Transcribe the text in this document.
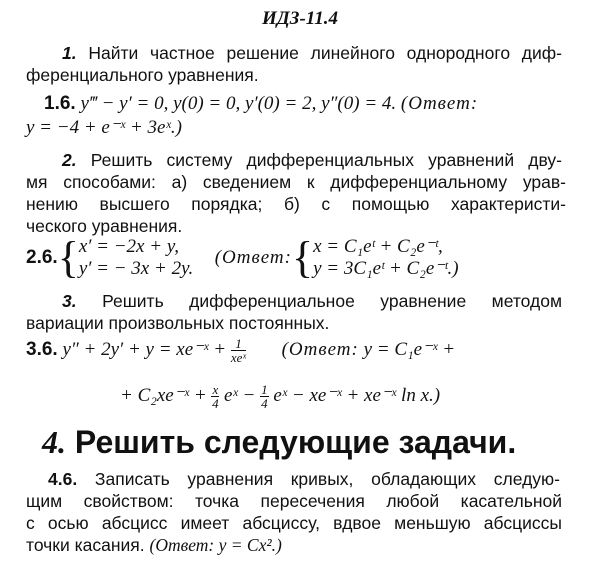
ИДЗ-11.4
1. Найти частное решение линейного однородного диф-
ференциального уравнения.
1.6. y‴ − y′ = 0, y(0) = 0, y′(0) = 2, y″(0) = 4. (Ответ:
y = −4 + e⁻ˣ + 3eˣ.)
2. Решить систему дифференциальных уравнений дву-
мя способами: а) сведением к дифференциальному урав-
нению высшего порядка; б) с помощью характеристи-
ческого уравнения.
2.6.{ x′ = −2x + y,
y′ = − 3x + 2y.
(Ответ:{ x = C₁eᵗ + C₂e⁻ᵗ,
y = 3C₁eᵗ + C₂e⁻ᵗ.)
3. Решить дифференциальное уравнение методом
вариации произвольных постоянных.
3.6. y″ + 2y′ + y = xe⁻ˣ + $\frac{1}{\text{xeˣ}}$ (Ответ: y = C₁e⁻ˣ +
+ C₂xe⁻ˣ + $\frac{x}{4}$ eˣ − $\frac{1}{4}$ eˣ − xe⁻ˣ + xe⁻ˣ ln x.)
4. Решить следующие задачи.
4.6. Записать уравнения кривых, обладающих следую-
щим свойством: точка пересечения любой касательной
с осью абсцисс имеет абсциссу, вдвое меньшую абсциссы
точки касания. (Ответ: y = Cx².)
